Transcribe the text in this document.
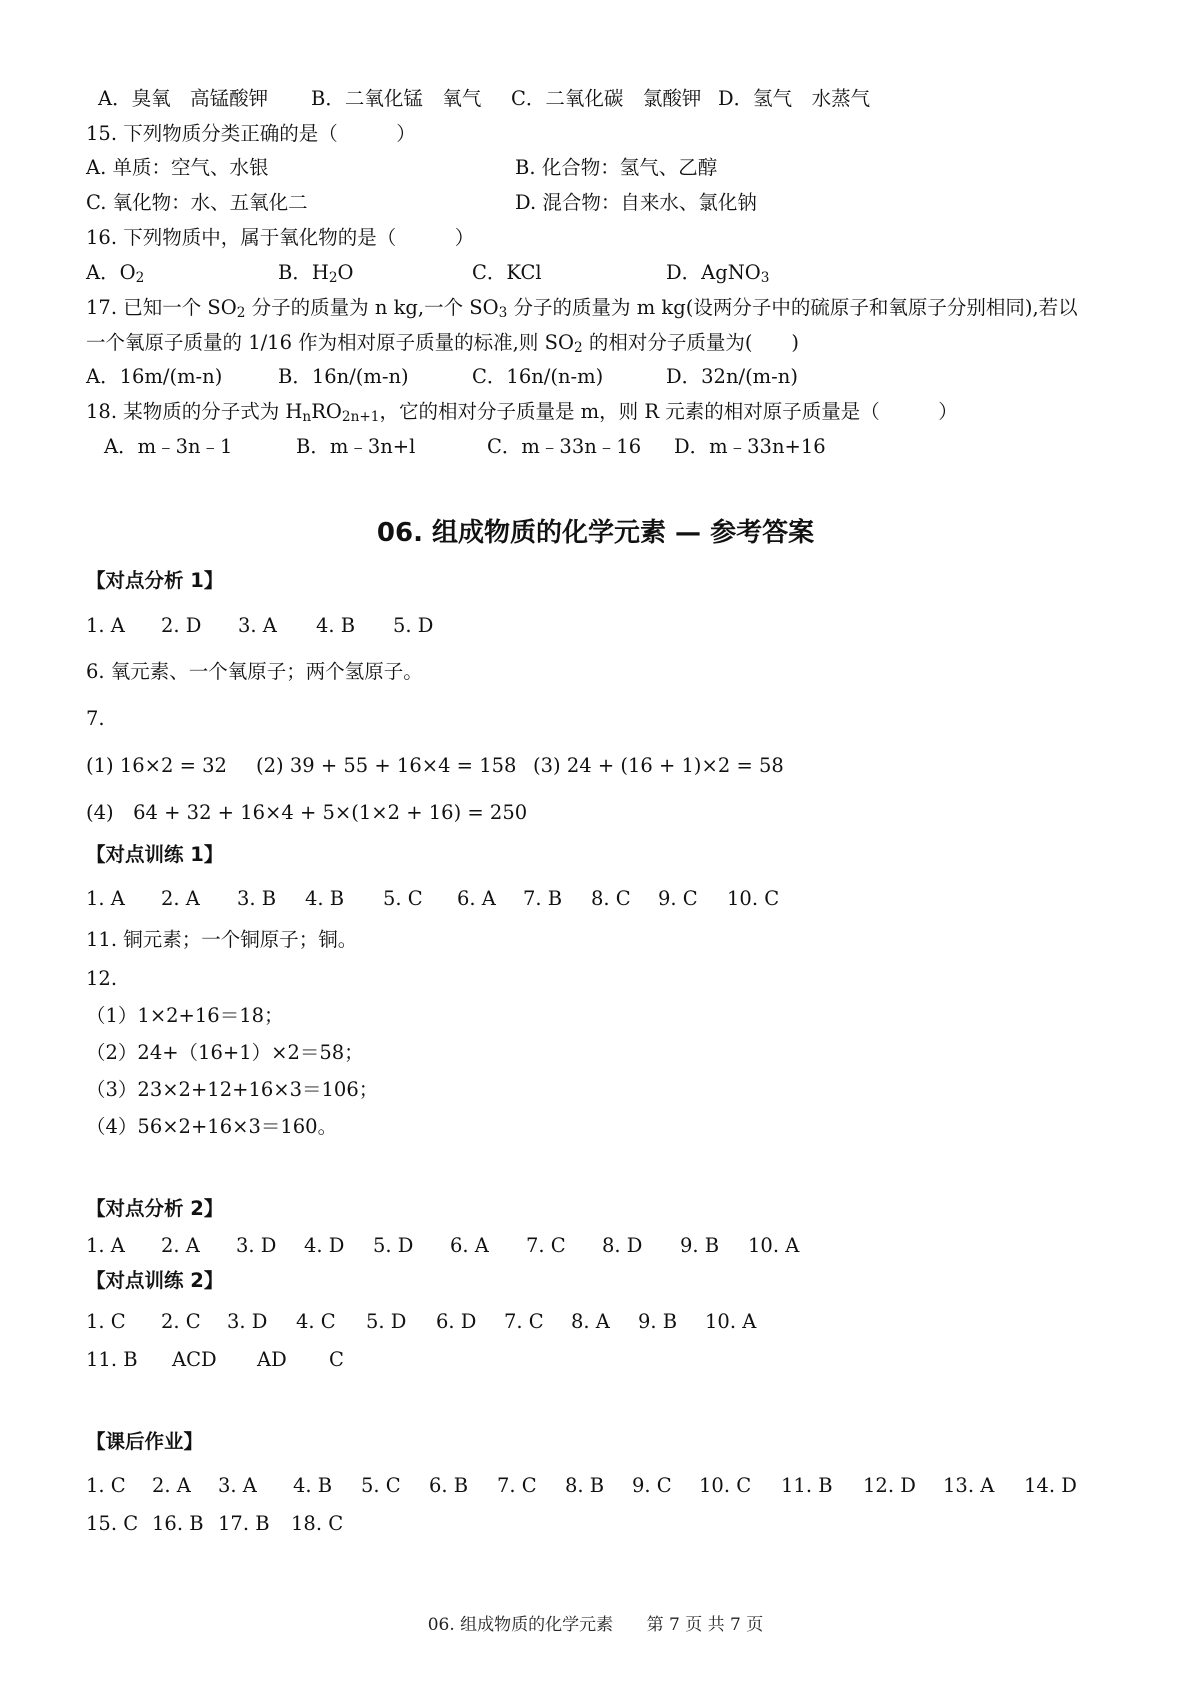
A．臭氧　高锰酸钾 B．二氧化锰　氧气 C．二氧化碳　氯酸钾 D．氢气　水蒸气
15. 下列物质分类正确的是（　　　）
A. 单质：空气、水银	B. 化合物：氢气、乙醇
C. 氧化物：水、五氧化二	D. 混合物：自来水、氯化钠
16. 下列物质中，属于氧化物的是（　　　）
A．$O_2$	B．$H_2O$	C．KCl	D．AgNO$_3$
17. 已知一个 $SO_2$ 分子的质量为 n kg,一个 $SO_3$ 分子的质量为 m kg(设两分子中的硫原子和氧原子分别相同),若以
一个氧原子质量的 1/16 作为相对原子质量的标准,则 $SO_2$ 的相对分子质量为(　　)
A．16m/(m-n)	B．16n/(m-n)	C．16n/(n-m)	D．32n/(m-n)
18. 某物质的分子式为 $H_nRO_{2n+1}$，它的相对分子质量是 m，则 R 元素的相对原子质量是（　　　）
A．m﹣3n﹣1	B．m﹣3n+l	C．m﹣33n﹣16 D．m﹣33n+16
06. 组成物质的化学元素 — 参考答案
【对点分析 1】
1. A 2. D 3. A 4. B 5. D
6. 氧元素、一个氧原子；两个氢原子。
7.
(1) 16×2 = 32 (2) 39 + 55 + 16×4 = 158 (3) 24 + (16 + 1)×2 = 58
(4)　64 + 32 + 16×4 + 5×(1×2 + 16) = 250
【对点训练 1】
1. A 2. A 3. B 4. B 5. C 6. A 7. B 8. C 9. C 10. C
11. 铜元素；一个铜原子；铜。
12.
（1）1×2+16＝18；
（2）24+（16+1）×2＝58；
（3）23×2+12+16×3＝106；
（4）56×2+16×3＝160。
【对点分析 2】
1. A 2. A 3. D 4. D 5. D 6. A 7. C 8. D 9. B 10. A
【对点训练 2】
1. C 2. C 3. D 4. C 5. D 6. D 7. C 8. A 9. B 10. A
11. B ACD AD C
【课后作业】
1. C 2. A 3. A 4. B 5. C 6. B 7. C 8. B 9. C 10. C 11. B 12. D 13. A 14. D
15. C 16. B 17. B 18. C
06. 组成物质的化学元素 第 7 页 共 7 页
